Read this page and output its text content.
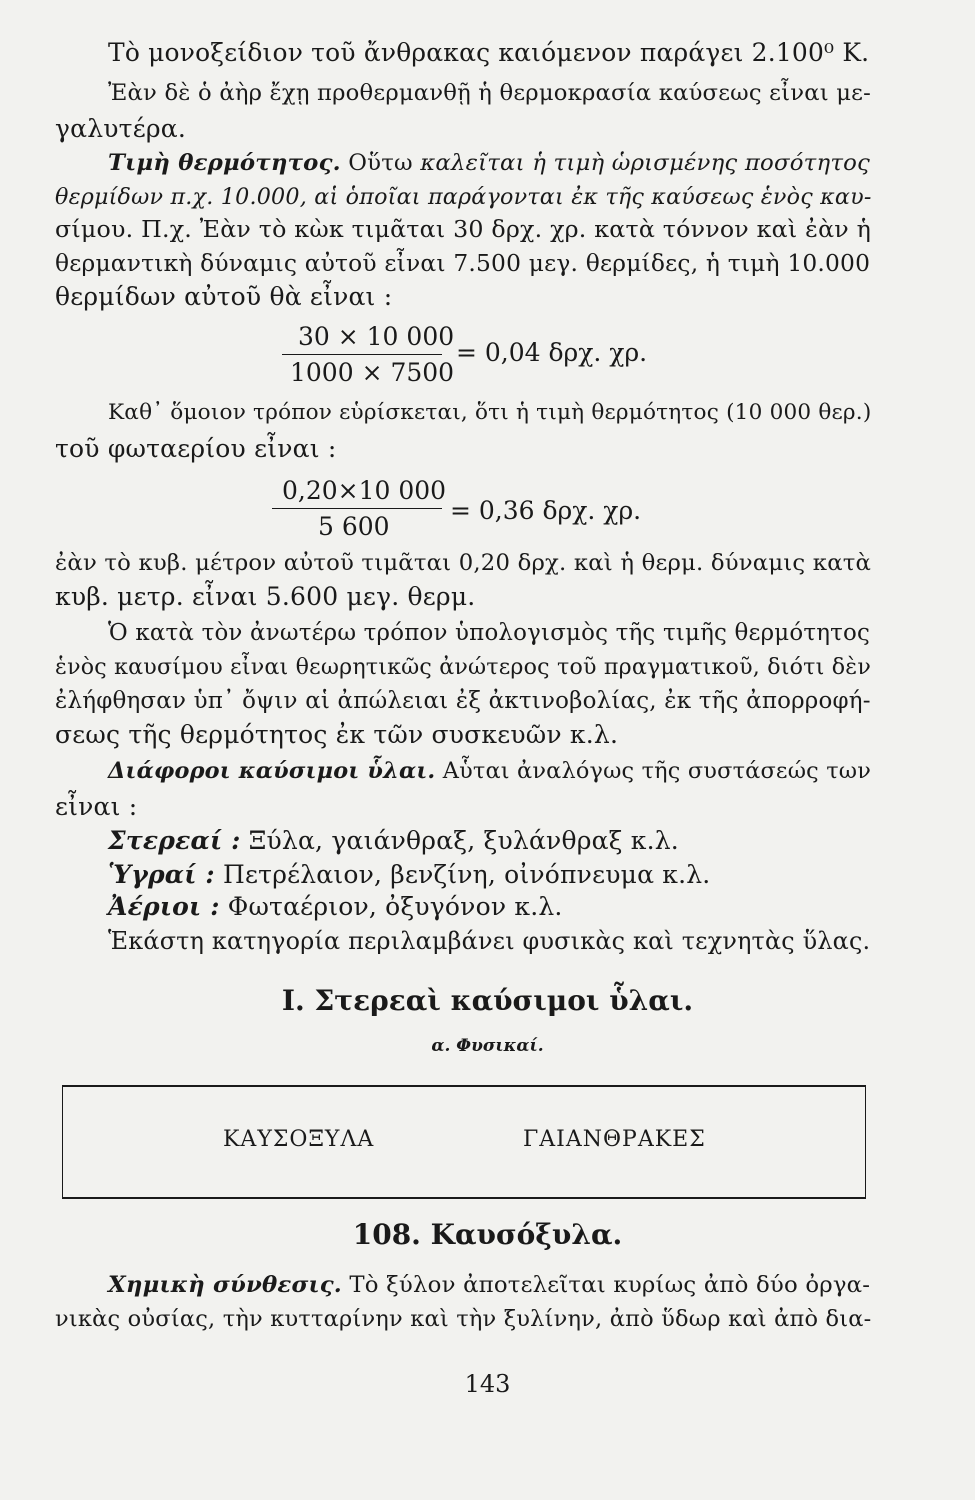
Τὸ μονοξείδιον τοῦ ἄνθρακας καιόμενον παράγει 2.100⁰ Κ.
Ἐὰν δὲ ὁ ἀὴρ ἔχῃ προθερμανθῇ ἡ θερμοκρασία καύσεως εἶναι με-
γαλυτέρα.
Τιμὴ θερμότητος. Οὕτω καλεῖται ἡ τιμὴ ὡρισμένης ποσότητος
θερμίδων π.χ. 10.000, αἱ ὁποῖαι παράγονται ἐκ τῆς καύσεως ἑνὸς καυ-
σίμου. Π.χ. Ἐὰν τὸ κὼκ τιμᾶται 30 δρχ. χρ. κατὰ τόννον καὶ ἐὰν ἡ
θερμαντικὴ δύναμις αὐτοῦ εἶναι 7.500 μεγ. θερμίδες, ἡ τιμὴ 10.000
θερμίδων αὐτοῦ θὰ εἶναι :
30 × 10 000
1000 × 7500
= 0,04 δρχ. χρ.
Καθ᾽ ὅμοιον τρόπον εὑρίσκεται, ὅτι ἡ τιμὴ θερμότητος (10 000 θερ.)
τοῦ φωταερίου εἶναι :
0,20×10 000
5 600
= 0,36 δρχ. χρ.
ἐὰν τὸ κυβ. μέτρον αὐτοῦ τιμᾶται 0,20 δρχ. καὶ ἡ θερμ. δύναμις κατὰ
κυβ. μετρ. εἶναι 5.600 μεγ. θερμ.
Ὁ κατὰ τὸν ἀνωτέρω τρόπον ὑπολογισμὸς τῆς τιμῆς θερμότητος
ἑνὸς καυσίμου εἶναι θεωρητικῶς ἀνώτερος τοῦ πραγματικοῦ, διότι δὲν
ἐλήφθησαν ὑπ᾽ ὄψιν αἱ ἀπώλειαι ἐξ ἀκτινοβολίας, ἐκ τῆς ἀπορροφή-
σεως τῆς θερμότητος ἐκ τῶν συσκευῶν κ.λ.
Διάφοροι καύσιμοι ὗλαι. Αὗται ἀναλόγως τῆς συστάσεώς των
εἶναι :
Στερεαί : Ξύλα, γαιάνθραξ, ξυλάνθραξ κ.λ.
Ὑγραί : Πετρέλαιον, βενζίνη, οἰνόπνευμα κ.λ.
Ἀέριοι : Φωταέριον, ὀξυγόνον κ.λ.
Ἑκάστη κατηγορία περιλαμβάνει φυσικὰς καὶ τεχνητὰς ὕλας.
Ι. Στερεαὶ καύσιμοι ὗλαι.
α. Φυσικαί.
ΚΑΥΣΟΞΥΛΑ	ΓΑΙΑΝΘΡΑΚΕΣ
108. Καυσόξυλα.
Χημικὴ σύνθεσις. Τὸ ξύλον ἀποτελεῖται κυρίως ἀπὸ δύο ὀργα-
νικὰς οὐσίας, τὴν κυτταρίνην καὶ τὴν ξυλίνην, ἀπὸ ὕδωρ καὶ ἀπὸ δια-
143
